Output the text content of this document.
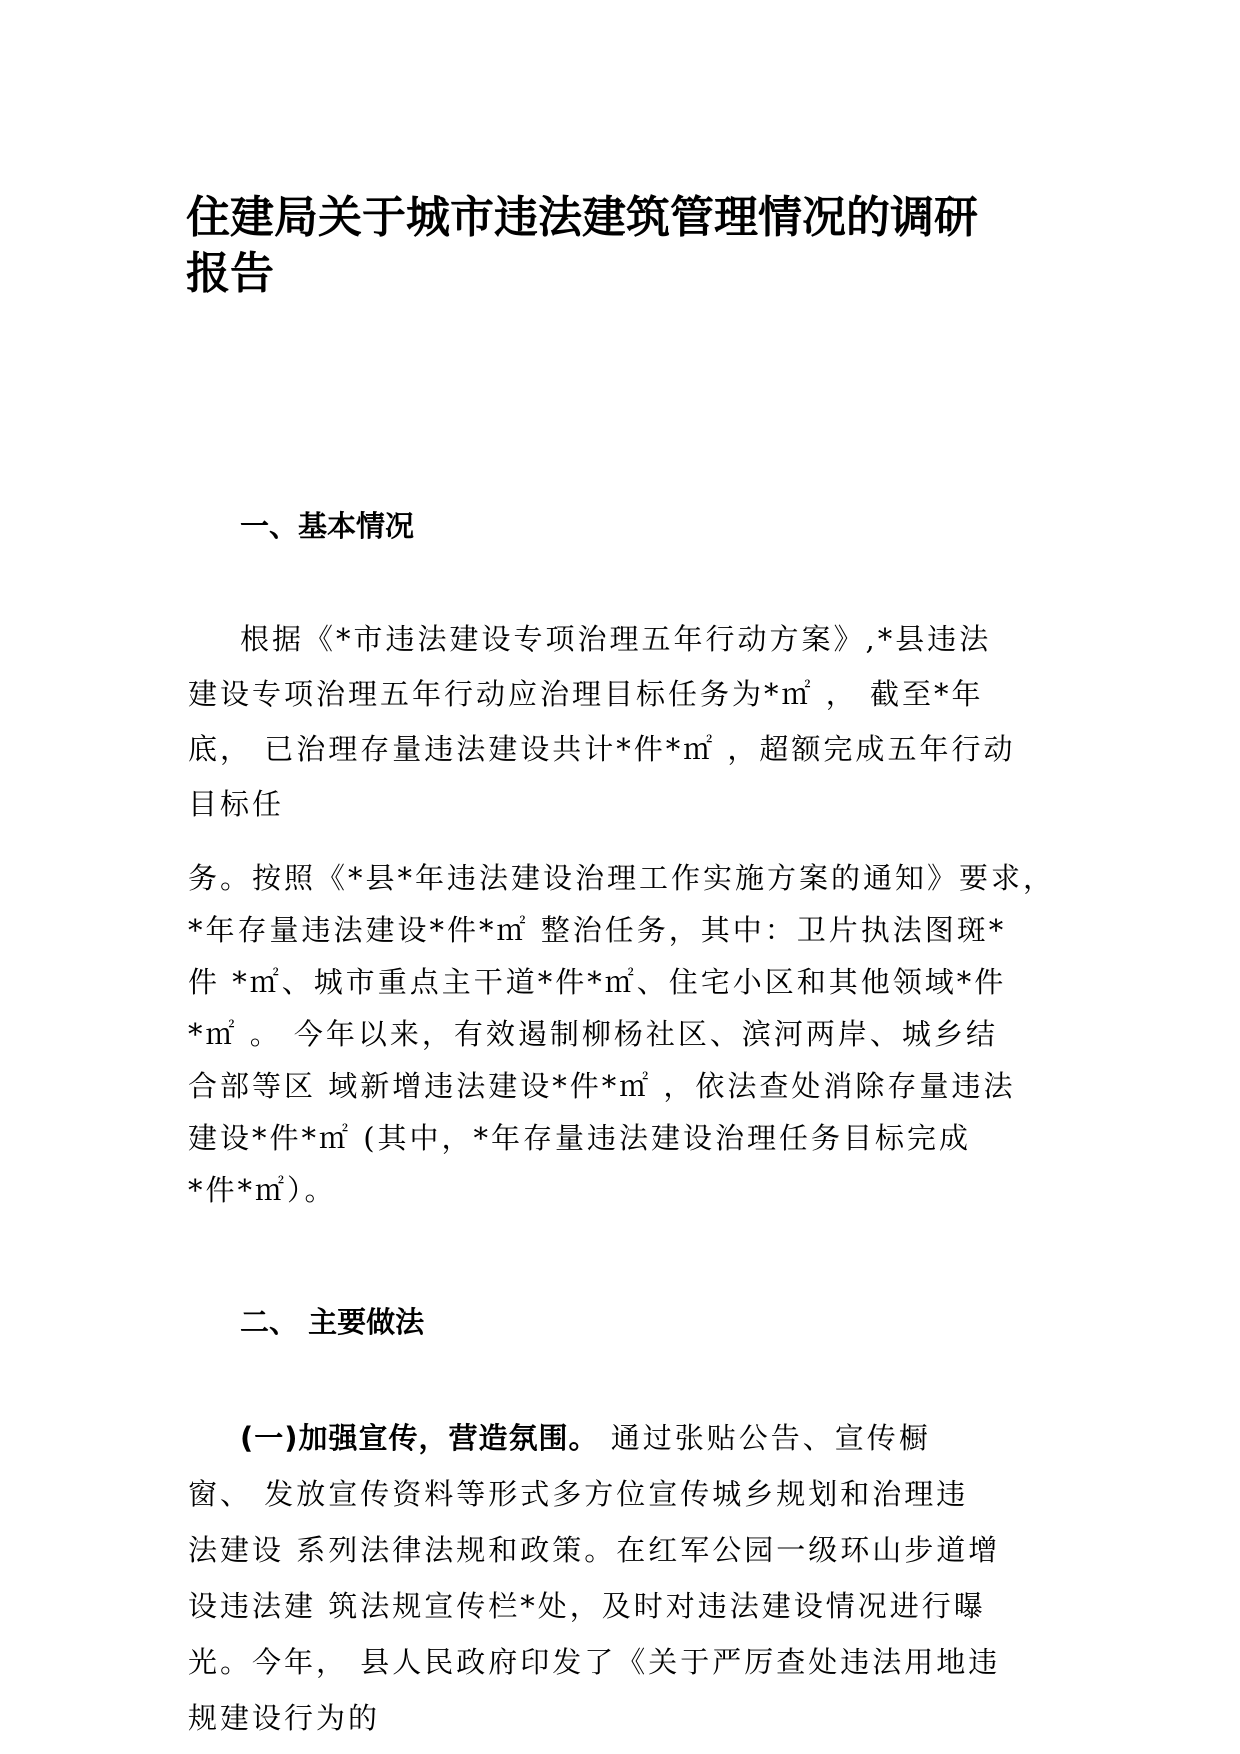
住建局关于城市违法建筑管理情况的调研
报告
一、基本情况
根据《*市违法建设专项治理五年行动方案》,*县违法
建设专项治理五年行动应治理目标任务为*㎡ ， 截至*年
底， 已治理存量违法建设共计*件*㎡ ，超额完成五年行动
目标任
务。按照《*县*年违法建设治理工作实施方案的通知》要求，
*年存量违法建设*件*㎡ 整治任务，其中：卫片执法图斑*
件 *㎡、城市重点主干道*件*㎡、住宅小区和其他领域*件
*㎡ 。 今年以来，有效遏制柳杨社区、滨河两岸、城乡结
合部等区 域新增违法建设*件*㎡ ，依法查处消除存量违法
建设*件*㎡ (其中，*年存量违法建设治理任务目标完成
*件*㎡）。
二、 主要做法
(一)加强宣传，营造氛围。 通过张贴公告、宣传橱
窗、 发放宣传资料等形式多方位宣传城乡规划和治理违
法建设 系列法律法规和政策。在红军公园一级环山步道增
设违法建 筑法规宣传栏*处，及时对违法建设情况进行曝
光。今年， 县人民政府印发了《关于严厉查处违法用地违
规建设行为的
